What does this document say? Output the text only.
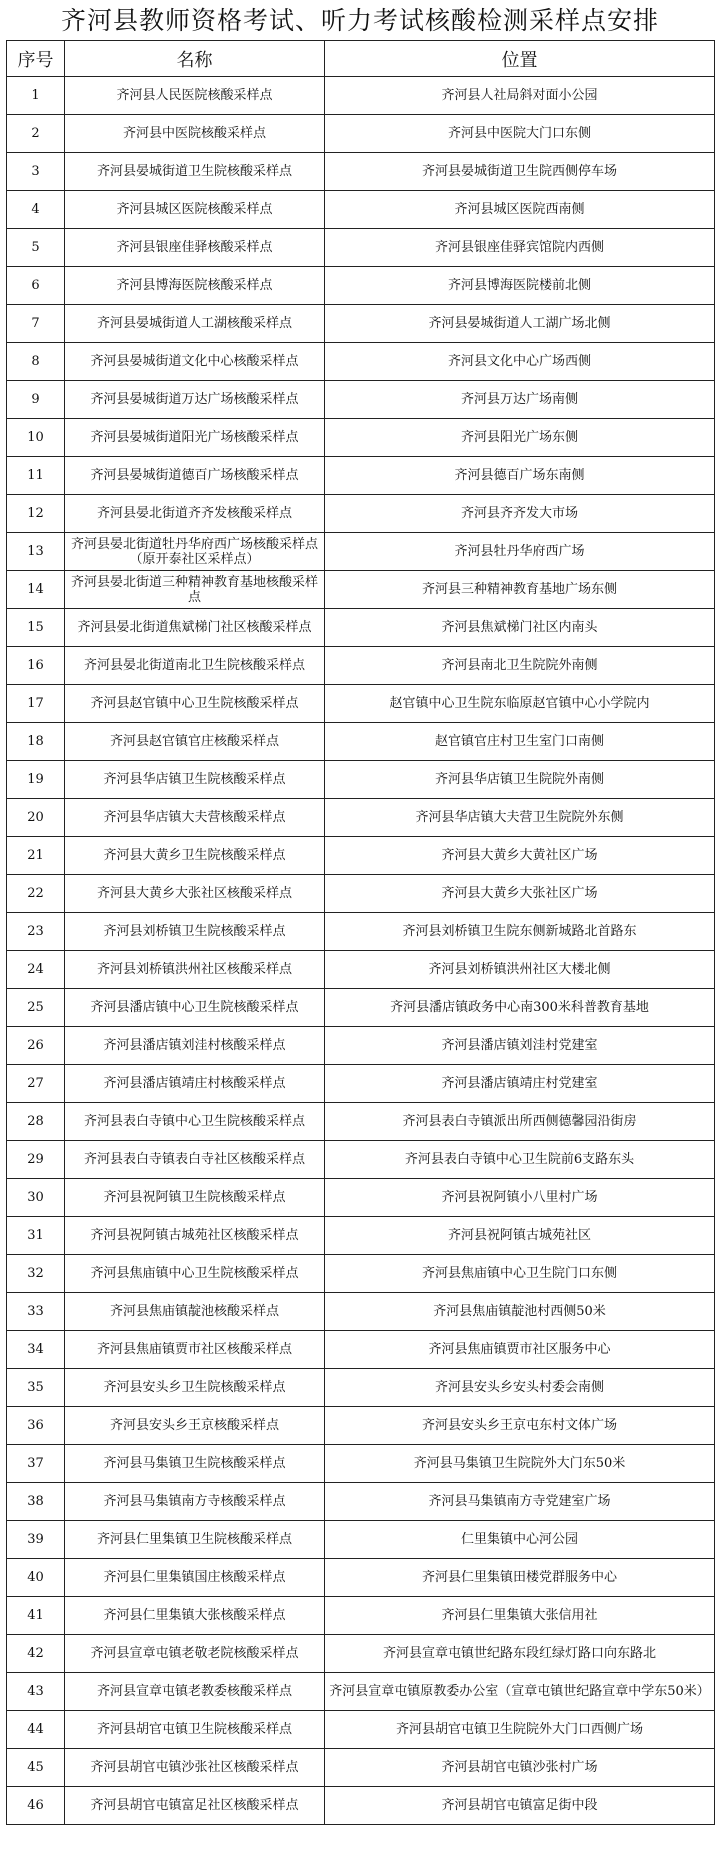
齐河县教师资格考试、听力考试核酸检测采样点安排
序号	名称	位置
1	齐河县人民医院核酸采样点	齐河县人社局斜对面小公园
2	齐河县中医院核酸采样点	齐河县中医院大门口东侧
3	齐河县晏城街道卫生院核酸采样点	齐河县晏城街道卫生院西侧停车场
4	齐河县城区医院核酸采样点	齐河县城区医院西南侧
5	齐河县银座佳驿核酸采样点	齐河县银座佳驿宾馆院内西侧
6	齐河县博海医院核酸采样点	齐河县博海医院楼前北侧
7	齐河县晏城街道人工湖核酸采样点	齐河县晏城街道人工湖广场北侧
8	齐河县晏城街道文化中心核酸采样点	齐河县文化中心广场西侧
9	齐河县晏城街道万达广场核酸采样点	齐河县万达广场南侧
10	齐河县晏城街道阳光广场核酸采样点	齐河县阳光广场东侧
11	齐河县晏城街道德百广场核酸采样点	齐河县德百广场东南侧
12	齐河县晏北街道齐齐发核酸采样点	齐河县齐齐发大市场
13	齐河县晏北街道牡丹华府西广场核酸采样点（原开泰社区采样点）	齐河县牡丹华府西广场
14	齐河县晏北街道三种精神教育基地核酸采样点	齐河县三种精神教育基地广场东侧
15	齐河县晏北街道焦斌梯门社区核酸采样点	齐河县焦斌梯门社区内南头
16	齐河县晏北街道南北卫生院核酸采样点	齐河县南北卫生院院外南侧
17	齐河县赵官镇中心卫生院核酸采样点	赵官镇中心卫生院东临原赵官镇中心小学院内
18	齐河县赵官镇官庄核酸采样点	赵官镇官庄村卫生室门口南侧
19	齐河县华店镇卫生院核酸采样点	齐河县华店镇卫生院院外南侧
20	齐河县华店镇大夫营核酸采样点	齐河县华店镇大夫营卫生院院外东侧
21	齐河县大黄乡卫生院核酸采样点	齐河县大黄乡大黄社区广场
22	齐河县大黄乡大张社区核酸采样点	齐河县大黄乡大张社区广场
23	齐河县刘桥镇卫生院核酸采样点	齐河县刘桥镇卫生院东侧新城路北首路东
24	齐河县刘桥镇洪州社区核酸采样点	齐河县刘桥镇洪州社区大楼北侧
25	齐河县潘店镇中心卫生院核酸采样点	齐河县潘店镇政务中心南300米科普教育基地
26	齐河县潘店镇刘洼村核酸采样点	齐河县潘店镇刘洼村党建室
27	齐河县潘店镇靖庄村核酸采样点	齐河县潘店镇靖庄村党建室
28	齐河县表白寺镇中心卫生院核酸采样点	齐河县表白寺镇派出所西侧德馨园沿街房
29	齐河县表白寺镇表白寺社区核酸采样点	齐河县表白寺镇中心卫生院前6支路东头
30	齐河县祝阿镇卫生院核酸采样点	齐河县祝阿镇小八里村广场
31	齐河县祝阿镇古城苑社区核酸采样点	齐河县祝阿镇古城苑社区
32	齐河县焦庙镇中心卫生院核酸采样点	齐河县焦庙镇中心卫生院门口东侧
33	齐河县焦庙镇靛池核酸采样点	齐河县焦庙镇靛池村西侧50米
34	齐河县焦庙镇贾市社区核酸采样点	齐河县焦庙镇贾市社区服务中心
35	齐河县安头乡卫生院核酸采样点	齐河县安头乡安头村委会南侧
36	齐河县安头乡王京核酸采样点	齐河县安头乡王京屯东村文体广场
37	齐河县马集镇卫生院核酸采样点	齐河县马集镇卫生院院外大门东50米
38	齐河县马集镇南方寺核酸采样点	齐河县马集镇南方寺党建室广场
39	齐河县仁里集镇卫生院核酸采样点	仁里集镇中心河公园
40	齐河县仁里集镇国庄核酸采样点	齐河县仁里集镇田楼党群服务中心
41	齐河县仁里集镇大张核酸采样点	齐河县仁里集镇大张信用社
42	齐河县宣章屯镇老敬老院核酸采样点	齐河县宣章屯镇世纪路东段红绿灯路口向东路北
43	齐河县宣章屯镇老教委核酸采样点	齐河县宣章屯镇原教委办公室（宣章屯镇世纪路宣章中学东50米）
44	齐河县胡官屯镇卫生院核酸采样点	齐河县胡官屯镇卫生院院外大门口西侧广场
45	齐河县胡官屯镇沙张社区核酸采样点	齐河县胡官屯镇沙张村广场
46	齐河县胡官屯镇富足社区核酸采样点	齐河县胡官屯镇富足街中段
